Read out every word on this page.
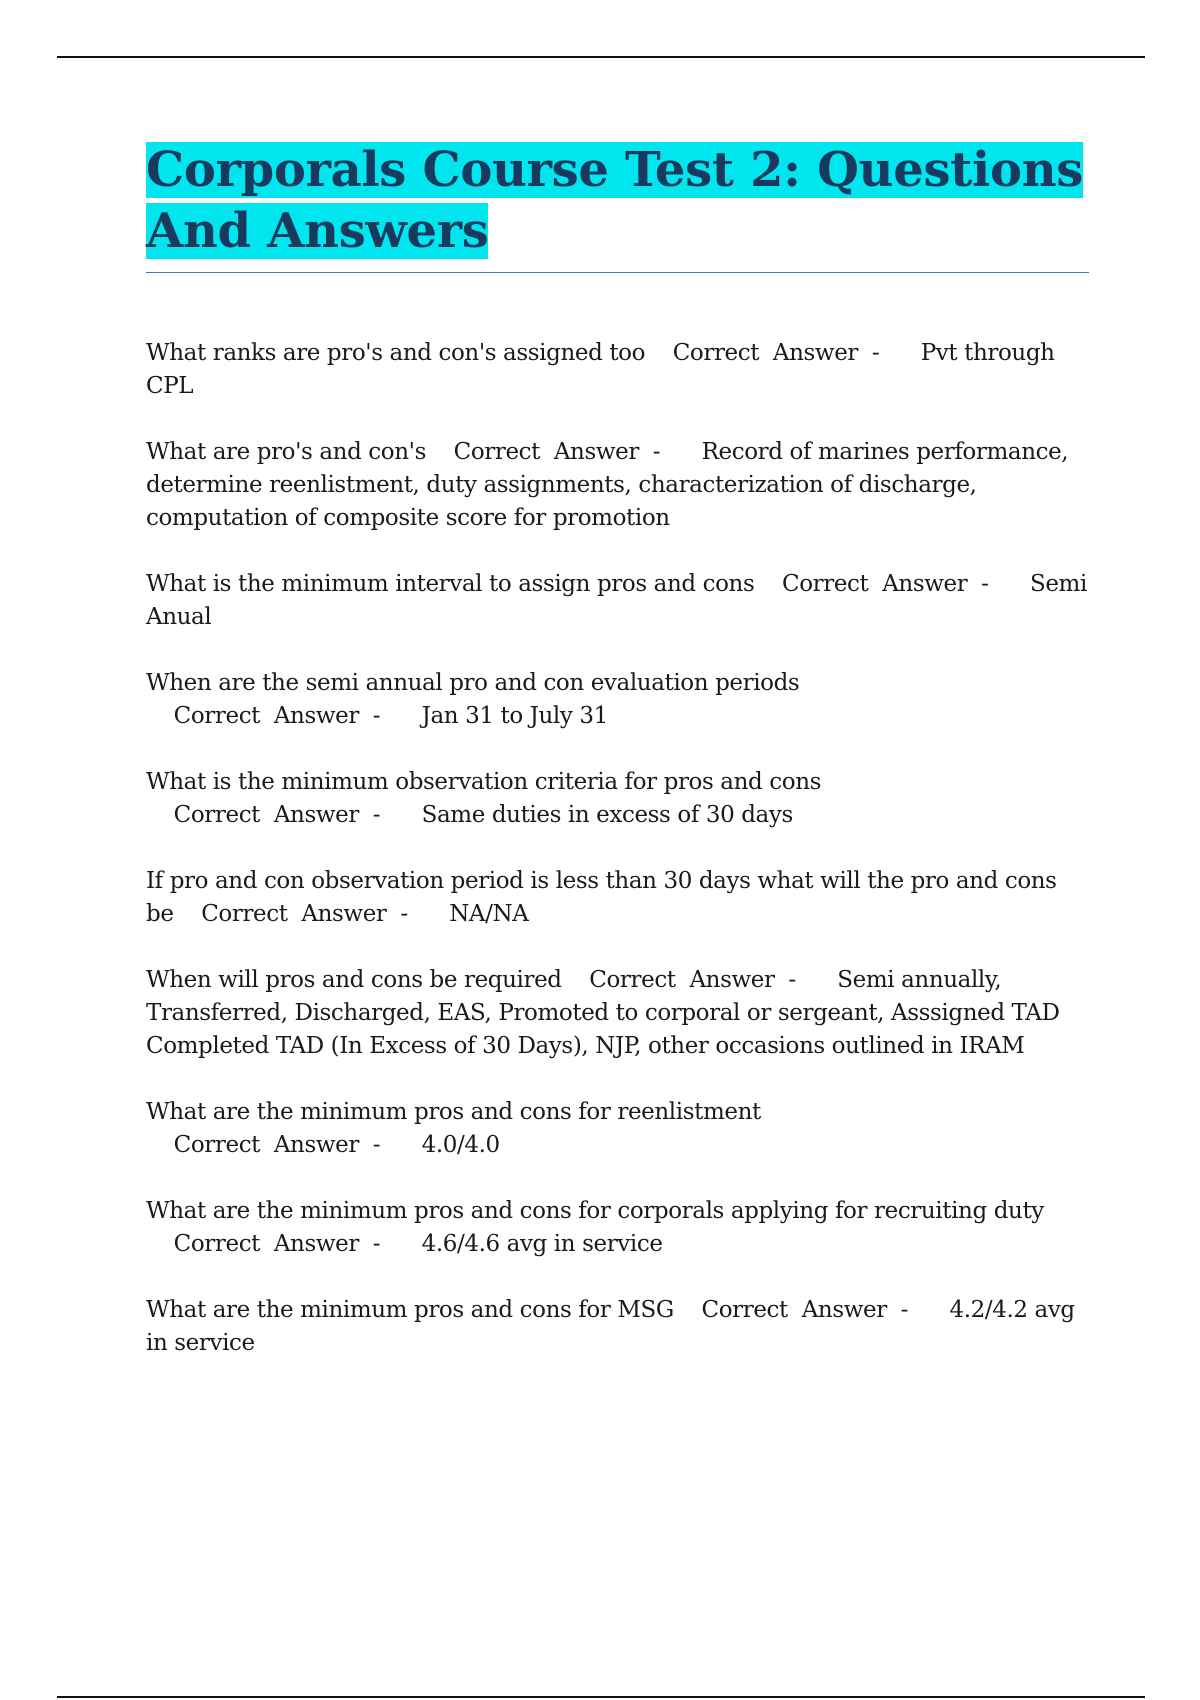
Corporals Course Test 2: Questions And Answers

What ranks are pro's and con's assigned too Correct  Answer  - Pvt through CPL

What are pro's and con's Correct  Answer  - Record of marines performance, determine reenlistment, duty assignments, characterization of discharge, computation of composite score for promotion

What is the minimum interval to assign pros and cons Correct  Answer  - Semi Anual

When are the semi annual pro and con evaluation periods    Correct  Answer  - Jan 31 to July 31

What is the minimum observation criteria for pros and cons    Correct  Answer  - Same duties in excess of 30 days

If pro and con observation period is less than 30 days what will the pro and cons be Correct  Answer  - NA/NA

When will pros and cons be required Correct  Answer  - Semi annually, Transferred, Discharged, EAS, Promoted to corporal or sergeant, Asssigned TAD
Completed TAD (In Excess of 30 Days), NJP, other occasions outlined in IRAM

What are the minimum pros and cons for reenlistment    Correct  Answer  - 4.0/4.0

What are the minimum pros and cons for corporals applying for recruiting duty    Correct  Answer  - 4.6/4.6 avg in service

What are the minimum pros and cons for MSG Correct  Answer  - 4.2/4.2 avg in service
